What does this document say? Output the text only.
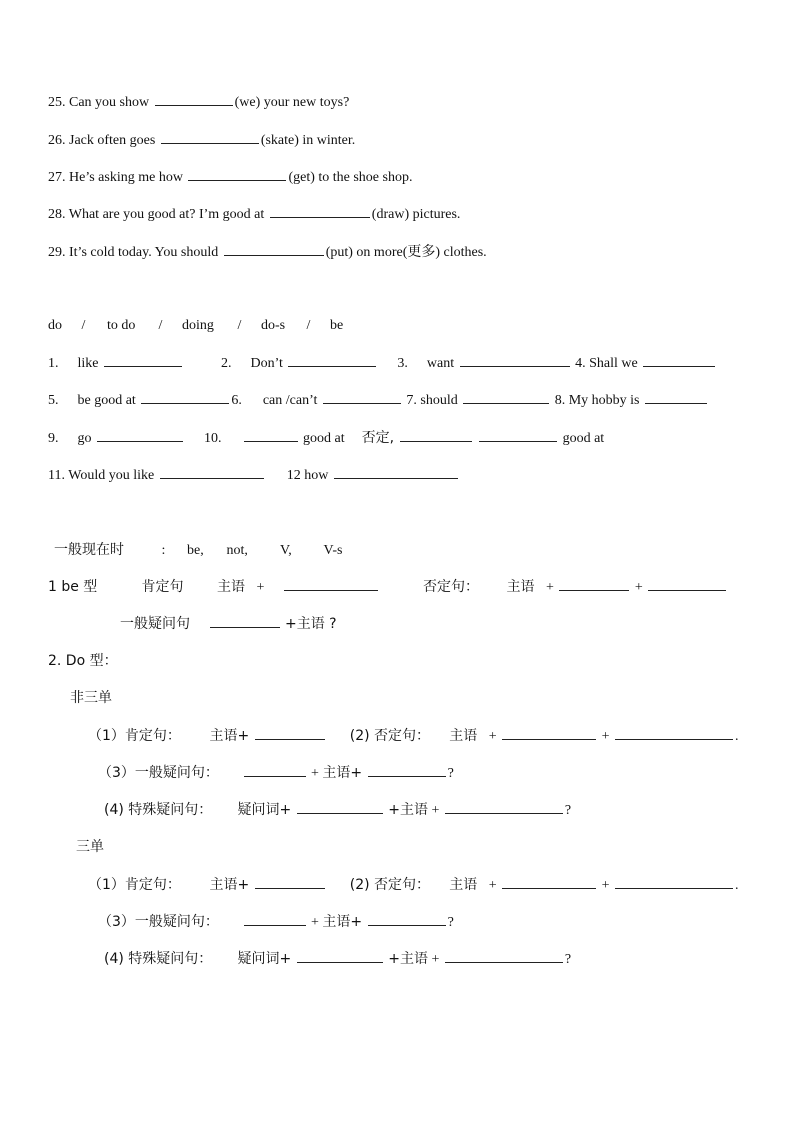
25. Can you show	(we) your new toys?
26. Jack often goes	(skate) in winter.
27. He’s asking me how	(get) to the shoe shop.
28. What are you good at? I’m good at	(draw) pictures.
29. It’s cold today. You should	(put) on more(更多) clothes.
do / to do / doing / do-s / be
1. like	2. Don’t	3. want	4. Shall we
5. be good at	6. can /can’t	7. should	8. My hobby is
9. go	10.	good at 否定,	good at
11. Would you like	12 how
一般现在时	: be, not, V, V-s
1 be 型	肯定句 主语 +	否定句： 主语 +	+
一般疑问句	+主语 ?
2. Do 型：
非三单
（1）肯定句： 主语+	(2) 否定句： 主语 +	+	.
（3）一般疑问句：	+ 主语+	?
(4) 特殊疑问句： 疑问词+	+主语 +	?
三单
（1）肯定句： 主语+	(2) 否定句： 主语 +	+	.
（3）一般疑问句：	+ 主语+	?
(4) 特殊疑问句： 疑问词+	+主语 +	?
